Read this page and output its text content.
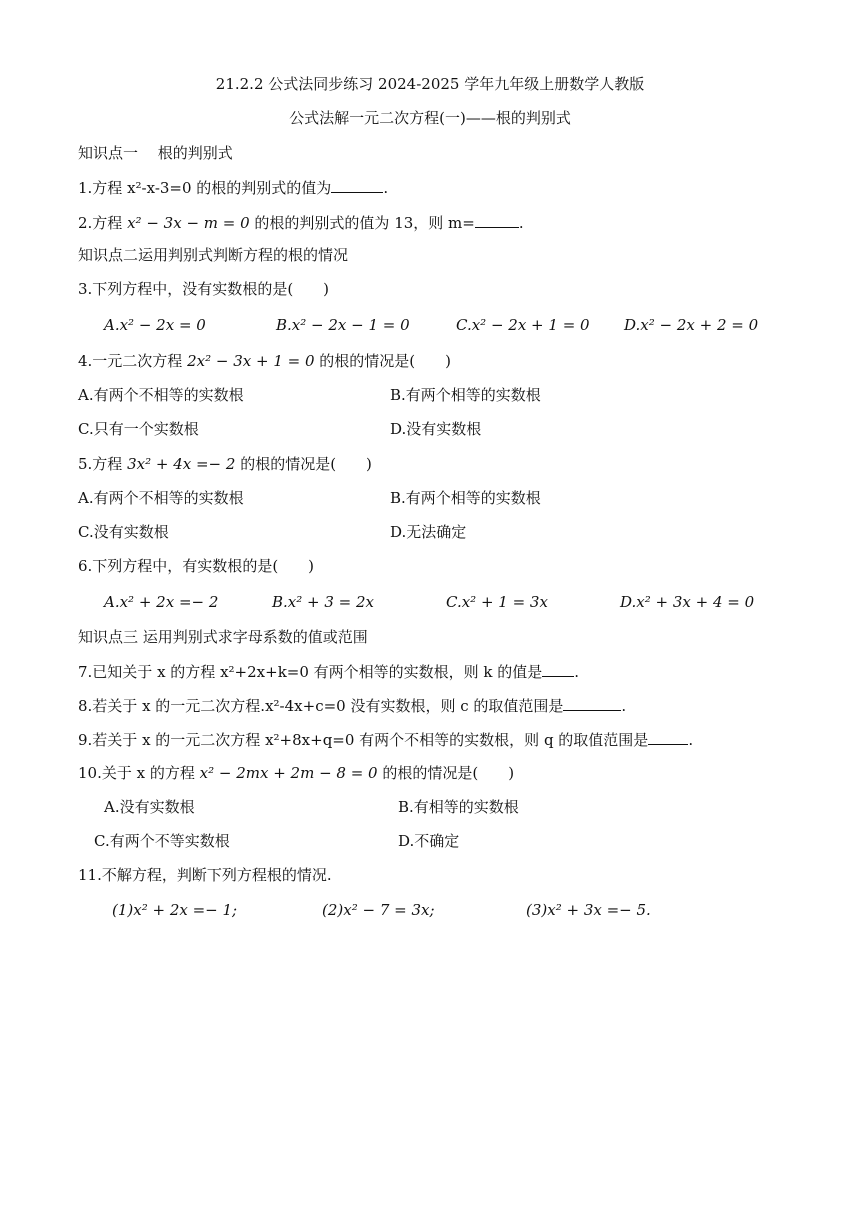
21.2.2 公式法同步练习 2024-2025 学年九年级上册数学人教版
公式法解一元二次方程(一)——根的判别式
知识点一　 根的判别式
1.方程 x²-x-3=0 的根的判别式的值为	.
2.方程 x² − 3x − m = 0 的根的判别式的值为 13，则 m=	.
知识点二运用判别式判断方程的根的情况
3.下列方程中，没有实数根的是(　　)
A.x² − 2x = 0	B.x² − 2x − 1 = 0	C.x² − 2x + 1 = 0 D.x² − 2x + 2 = 0
4.一元二次方程 2x² − 3x + 1 = 0 的根的情况是(　　)
A.有两个不相等的实数根	B.有两个相等的实数根
C.只有一个实数根	D.没有实数根
5.方程 3x² + 4x =− 2 的根的情况是(　　)
A.有两个不相等的实数根	B.有两个相等的实数根
C.没有实数根	D.无法确定
6.下列方程中，有实数根的是(　　)
A.x² + 2x =− 2	B.x² + 3 = 2x	C.x² + 1 = 3x	D.x² + 3x + 4 = 0
知识点三 运用判别式求字母系数的值或范围
7.已知关于 x 的方程 x²+2x+k=0 有两个相等的实数根，则 k 的值是 .
8.若关于 x 的一元二次方程.x²-4x+c=0 没有实数根，则 c 的取值范围是	.
9.若关于 x 的一元二次方程 x²+8x+q=0 有两个不相等的实数根，则 q 的取值范围是	.
10.关于 x 的方程 x² − 2mx + 2m − 8 = 0 的根的情况是(　　)
A.没有实数根	B.有相等的实数根
C.有两个不等实数根	D.不确定
11.不解方程，判断下列方程根的情况.
(1)x² + 2x =− 1;	(2)x² − 7 = 3x;	(3)x² + 3x =− 5.
